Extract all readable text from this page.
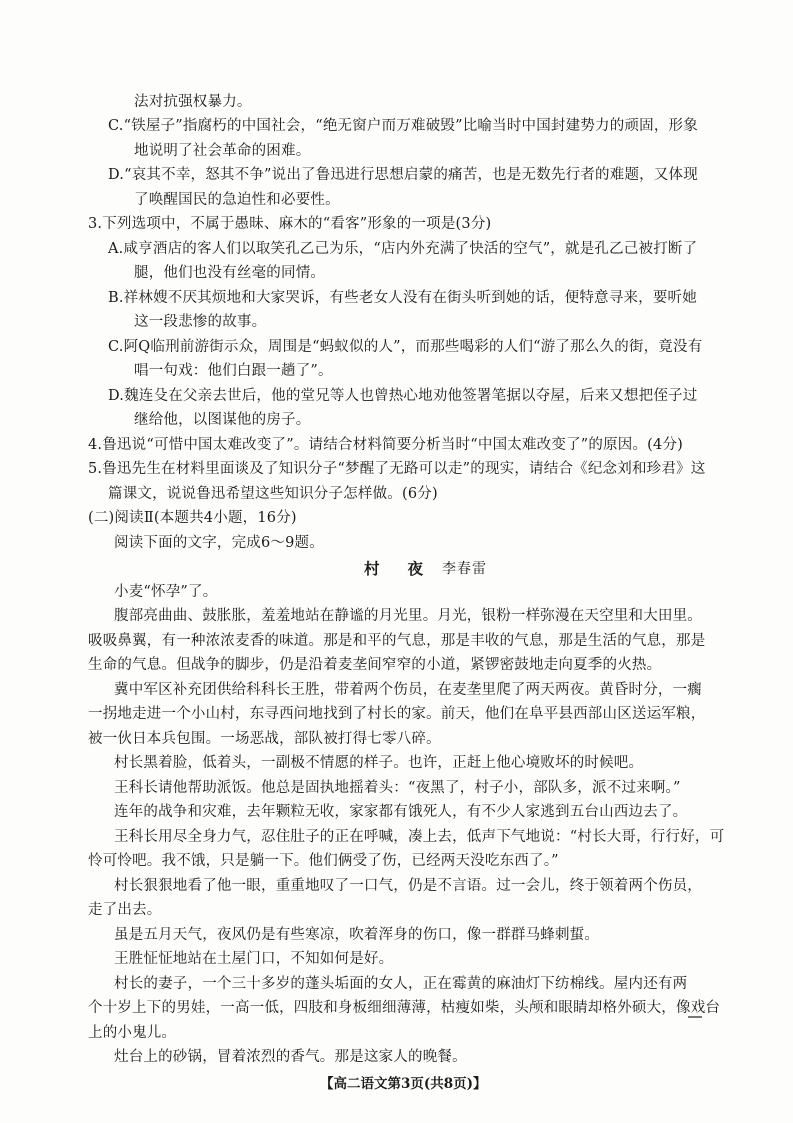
法对抗强权暴力。
C.“铁屋子”指腐朽的中国社会，“绝无窗户而万难破毁”比喻当时中国封建势力的顽固，形象
地说明了社会革命的困难。
D.“哀其不幸，怒其不争”说出了鲁迅进行思想启蒙的痛苦，也是无数先行者的难题，又体现
了唤醒国民的急迫性和必要性。
3.下列选项中，不属于愚昧、麻木的“看客”形象的一项是(3分)
A.咸亨酒店的客人们以取笑孔乙己为乐，“店内外充满了快活的空气”，就是孔乙己被打断了
腿，他们也没有丝毫的同情。
B.祥林嫂不厌其烦地和大家哭诉，有些老女人没有在街头听到她的话，便特意寻来，要听她
这一段悲惨的故事。
C.阿Q临刑前游街示众，周围是“蚂蚁似的人”，而那些喝彩的人们“游了那么久的街，竟没有
唱一句戏：他们白跟一趟了”。
D.魏连殳在父亲去世后，他的堂兄等人也曾热心地劝他签署笔据以夺屋，后来又想把侄子过
继给他，以图谋他的房子。
4.鲁迅说“可惜中国太难改变了”。请结合材料简要分析当时“中国太难改变了”的原因。(4分)
5.鲁迅先生在材料里面谈及了知识分子“梦醒了无路可以走”的现实，请结合《纪念刘和珍君》这
篇课文，说说鲁迅希望这些知识分子怎样做。(6分)
(二)阅读Ⅱ(本题共4小题，16分)
阅读下面的文字，完成6～9题。
村 夜 李春雷
小麦“怀孕”了。
腹部亮曲曲、鼓胀胀，羞羞地站在静谧的月光里。月光，银粉一样弥漫在天空里和大田里。
吸吸鼻翼，有一种浓浓麦香的味道。那是和平的气息，那是丰收的气息，那是生活的气息，那是
生命的气息。但战争的脚步，仍是沿着麦垄间窄窄的小道，紧锣密鼓地走向夏季的火热。
冀中军区补充团供给科科长王胜，带着两个伤员，在麦垄里爬了两天两夜。黄昏时分，一瘸
一拐地走进一个小山村，东寻西问地找到了村长的家。前天，他们在阜平县西部山区送运军粮，
被一伙日本兵包围。一场恶战，部队被打得七零八碎。
村长黑着脸，低着头，一副极不情愿的样子。也许，正赶上他心境败坏的时候吧。
王科长请他帮助派饭。他总是固执地摇着头：“夜黑了，村子小，部队多，派不过来啊。”
连年的战争和灾难，去年颗粒无收，家家都有饿死人，有不少人家逃到五台山西边去了。
王科长用尽全身力气，忍住肚子的正在呼喊，凑上去，低声下气地说：“村长大哥，行行好，可
怜可怜吧。我不饿，只是躺一下。他们俩受了伤，已经两天没吃东西了。”
村长狠狠地看了他一眼，重重地叹了一口气，仍是不言语。过一会儿，终于领着两个伤员，
走了出去。
虽是五月天气，夜风仍是有些寒凉，吹着浑身的伤口，像一群群马蜂刺蜇。
王胜怔怔地站在土屋门口，不知如何是好。
村长的妻子，一个三十多岁的蓬头垢面的女人，正在霉黄的麻油灯下纺棉线。屋内还有两
个十岁上下的男娃，一高一低，四肢和身板细细薄薄，枯瘦如柴，头颅和眼睛却格外硕大，像戏台
上的小鬼儿。
灶台上的砂锅，冒着浓烈的香气。那是这家人的晚餐。
【高二语文第3页(共8页)】
